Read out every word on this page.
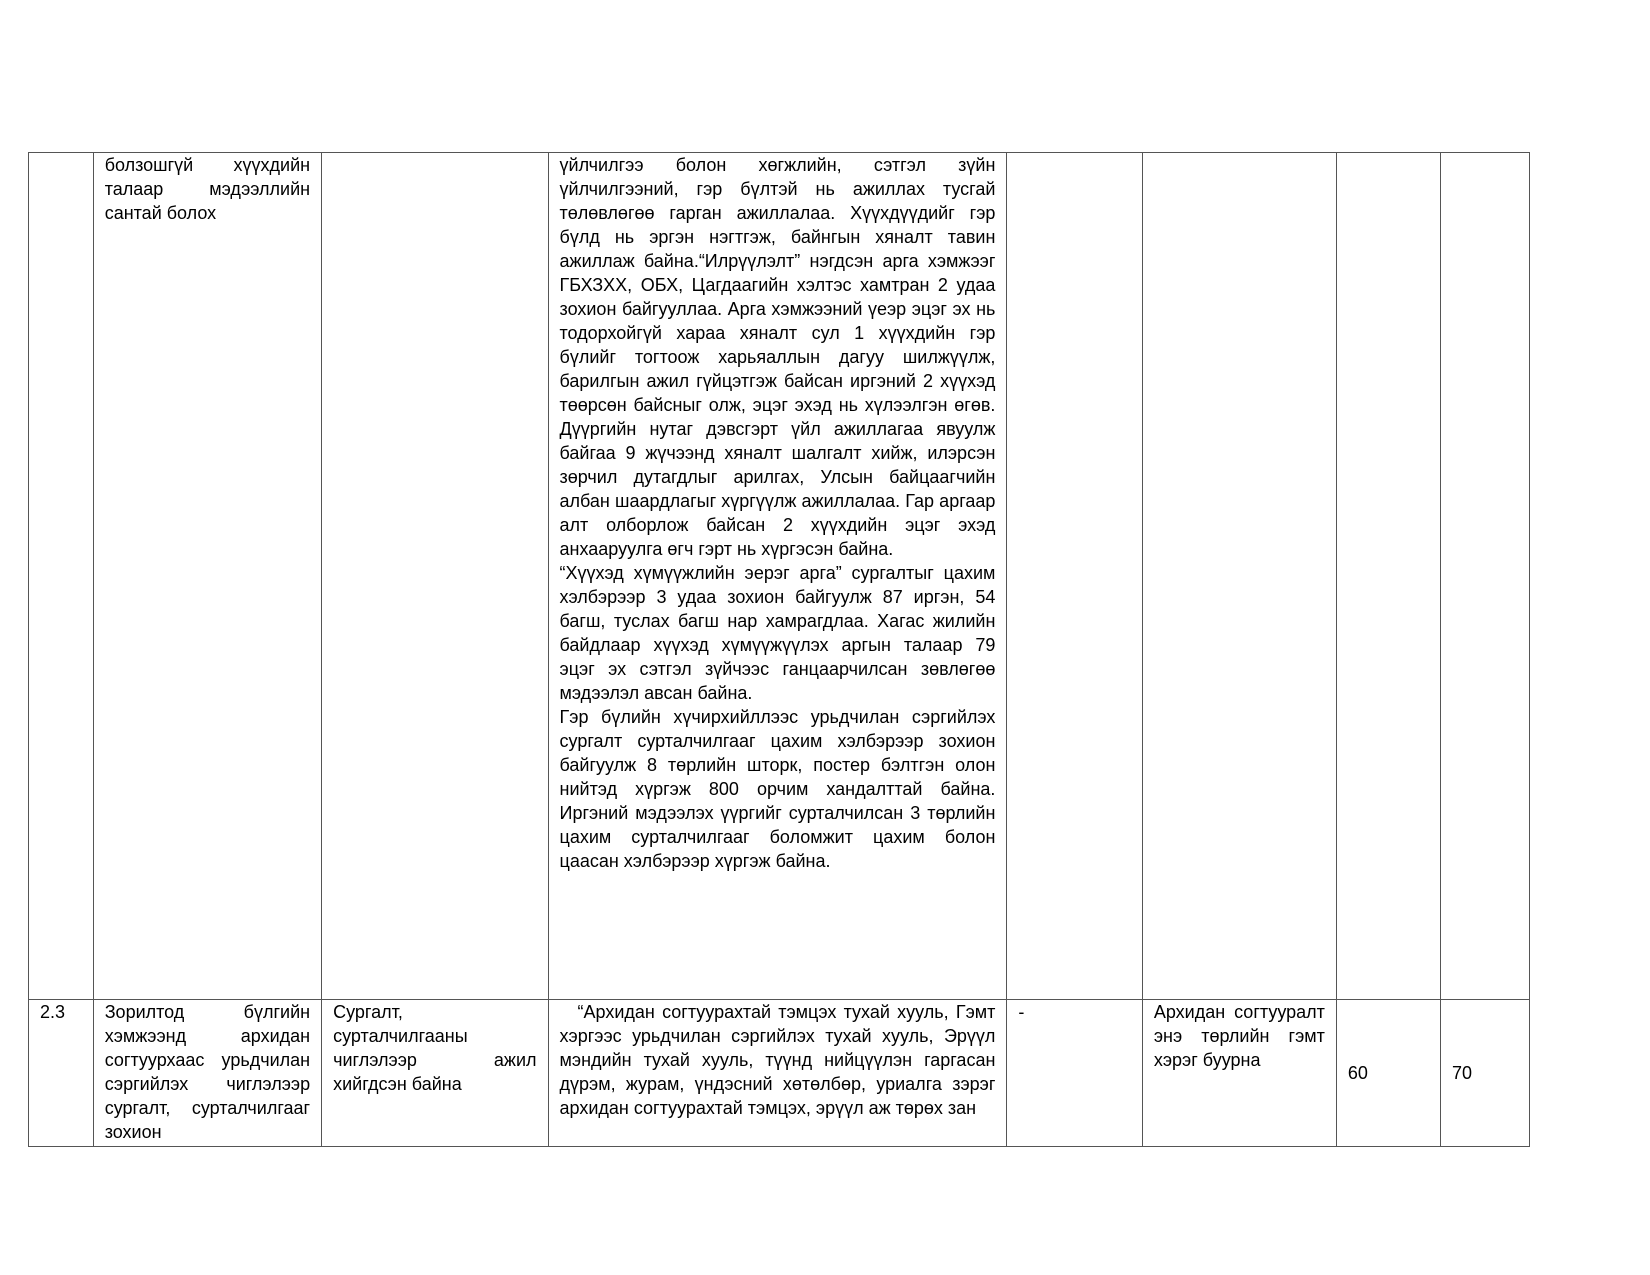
	болзошгүй хүүхдийн талаар мэдээллийн сантай болох		үйлчилгээ болон хөгжлийн, сэтгэл зүйн үйлчилгээний, гэр бүлтэй нь ажиллах тусгай төлөвлөгөө гарган ажиллалаа. Хүүхдүүдийг гэр бүлд нь эргэн нэгтгэж, байнгын хяналт тавин ажиллаж байна.“Илрүүлэлт” нэгдсэн арга хэмжээг ГБХЗХХ, ОБХ, Цагдаагийн хэлтэс хамтран 2 удаа зохион байгууллаа. Арга хэмжээний үеэр эцэг эх нь тодорхойгүй хараа хяналт сул 1 хүүхдийн гэр бүлийг тогтоож харьяаллын дагуу шилжүүлж, барилгын ажил гүйцэтгэж байсан иргэний 2 хүүхэд төөрсөн байсныг олж, эцэг эхэд нь хүлээлгэн өгөв. Дүүргийн нутаг дэвсгэрт үйл ажиллагаа явуулж байгаа 9 жүчээнд хяналт шалгалт хийж, илэрсэн зөрчил дутагдлыг арилгах, Улсын байцаагчийн албан шаардлагыг хүргүүлж ажиллалаа. Гар аргаар алт олборлож байсан 2 хүүхдийн эцэг эхэд анхааруулга өгч гэрт нь хүргэсэн байна.
“Хүүхэд хүмүүжлийн эерэг арга” сургалтыг цахим хэлбэрээр 3 удаа зохион байгуулж 87 иргэн, 54 багш, туслах багш нар хамрагдлаа. Хагас жилийн байдлаар хүүхэд хүмүүжүүлэх аргын талаар 79 эцэг эх сэтгэл зүйчээс ганцаарчилсан зөвлөгөө мэдээлэл авсан байна.
Гэр бүлийн хүчирхийллээс урьдчилан сэргийлэх сургалт сурталчилгааг цахим хэлбэрээр зохион байгуулж 8 төрлийн шторк, постер бэлтгэн олон нийтэд хүргэж 800 орчим хандалттай байна. Иргэний мэдээлэх үүргийг сурталчилсан 3 төрлийн цахим сурталчилгааг боломжит цахим болон цаасан хэлбэрээр хүргэж байна.				

2.3	Зорилтод бүлгийн хэмжээнд архидан согтуурхаас урьдчилан сэргийлэх чиглэлээр сургалт, сурталчилгааг зохион	Сургалт, сурталчилгааны чиглэлээр ажил хийгдсэн байна	“Архидан согтуурахтай тэмцэх тухай хууль, Гэмт хэргээс урьдчилан сэргийлэх тухай хууль, Эрүүл мэндийн тухай хууль, түүнд нийцүүлэн гаргасан дүрэм, журам, үндэсний хөтөлбөр, уриалга зэрэг архидан согтуурахтай тэмцэх, эрүүл аж төрөх зан	-	Архидан согтууралт энэ төрлийн гэмт хэрэг буурна	60	70
